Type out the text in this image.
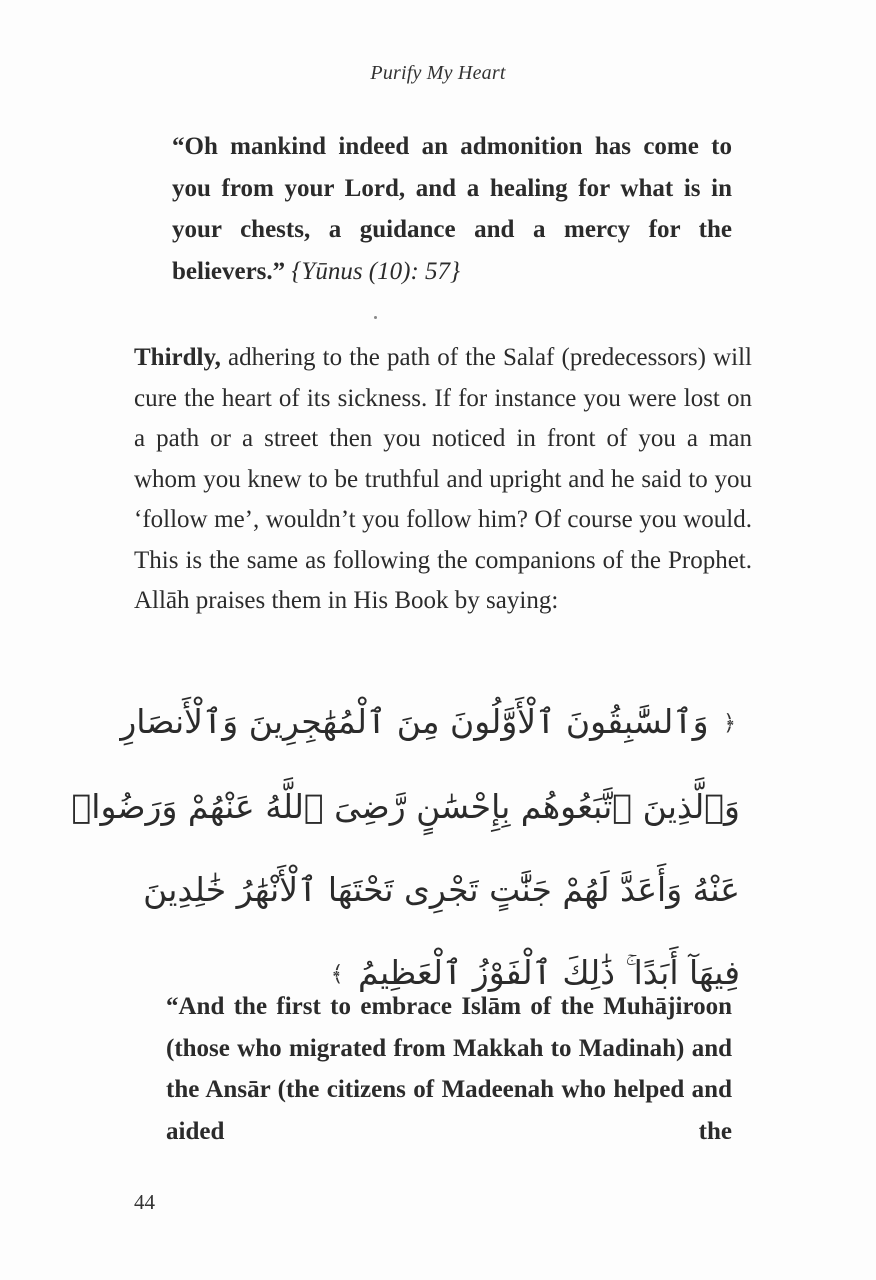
Purify My Heart
“Oh mankind indeed an admonition has come to you from your Lord, and a healing for what is in your chests, a guidance and a mercy for the believers.” {Yūnus (10): 57}
Thirdly, adhering to the path of the Salaf (predecessors) will cure the heart of its sickness. If for instance you were lost on a path or a street then you noticed in front of you a man whom you knew to be truthful and upright and he said to you ‘follow me’, wouldn’t you follow him? Of course you would. This is the same as following the companions of the Prophet. Allāh praises them in His Book by saying:
﴿ وَٱلسَّٰبِقُونَ ٱلْأَوَّلُونَ مِنَ ٱلْمُهَٰجِرِينَ وَٱلْأَنصَارِ
وَٱلَّذِينَ ٱتَّبَعُوهُم بِإِحْسَٰنٍ رَّضِىَ ٱللَّهُ عَنْهُمْ وَرَضُوا۟
عَنْهُ وَأَعَدَّ لَهُمْ جَنَّٰتٍ تَجْرِى تَحْتَهَا ٱلْأَنْهَٰرُ خَٰلِدِينَ
فِيهَآ أَبَدًا ۚ ذَٰلِكَ ٱلْفَوْزُ ٱلْعَظِيمُ ﴾
“And the first to embrace Islām of the Muhājiroon (those who migrated from Makkah to Madinah) and the Ansār (the citizens of Madeenah who helped and aided the
44
